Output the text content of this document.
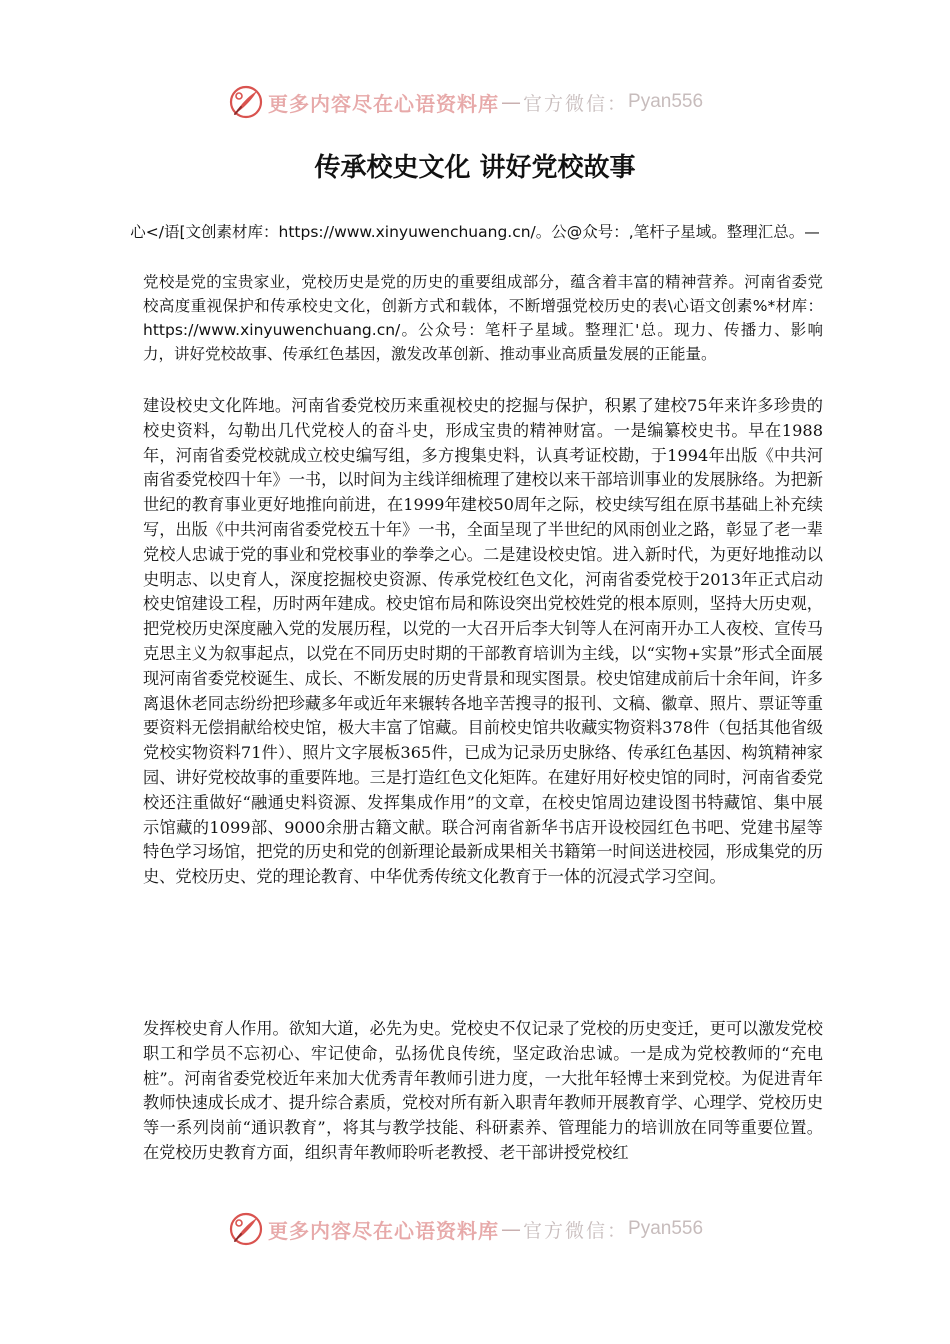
更多内容尽在心语资料库 — 官方微信： Pyan556
传承校史文化 讲好党校故事

心</语[文创素材库：https://www.xinyuwenchuang.cn/。公@众号：,笔杆子星域。整理汇总。—

党校是党的宝贵家业，党校历史是党的历史的重要组成部分，蕴含着丰富的精神营养。河南省委党校高度重视保护和传承校史文化，创新方式和载体，不断增强党校历史的表\心语文创素%*材库：https://www.xinyuwenchuang.cn/。公众号：笔杆子星域。整理汇'总。现力、传播力、影响力，讲好党校故事、传承红色基因，激发改革创新、推动事业高质量发展的正能量。

建设校史文化阵地。河南省委党校历来重视校史的挖掘与保护，积累了建校75年来许多珍贵的校史资料，勾勒出几代党校人的奋斗史，形成宝贵的精神财富。一是编纂校史书。早在1988年，河南省委党校就成立校史编写组，多方搜集史料，认真考证校勘，于1994年出版《中共河南省委党校四十年》一书，以时间为主线详细梳理了建校以来干部培训事业的发展脉络。为把新世纪的教育事业更好地推向前进，在1999年建校50周年之际，校史续写组在原书基础上补充续写，出版《中共河南省委党校五十年》一书，全面呈现了半世纪的风雨创业之路，彰显了老一辈党校人忠诚于党的事业和党校事业的拳拳之心。二是建设校史馆。进入新时代，为更好地推动以史明志、以史育人，深度挖掘校史资源、传承党校红色文化，河南省委党校于2013年正式启动校史馆建设工程，历时两年建成。校史馆布局和陈设突出党校姓党的根本原则，坚持大历史观，把党校历史深度融入党的发展历程，以党的一大召开后李大钊等人在河南开办工人夜校、宣传马克思主义为叙事起点，以党在不同历史时期的干部教育培训为主线，以“实物+实景”形式全面展现河南省委党校诞生、成长、不断发展的历史背景和现实图景。校史馆建成前后十余年间，许多离退休老同志纷纷把珍藏多年或近年来辗转各地辛苦搜寻的报刊、文稿、徽章、照片、票证等重要资料无偿捐献给校史馆，极大丰富了馆藏。目前校史馆共收藏实物资料378件（包括其他省级党校实物资料71件）、照片文字展板365件，已成为记录历史脉络、传承红色基因、构筑精神家园、讲好党校故事的重要阵地。三是打造红色文化矩阵。在建好用好校史馆的同时，河南省委党校还注重做好“融通史料资源、发挥集成作用”的文章，在校史馆周边建设图书特藏馆、集中展示馆藏的1099部、9000余册古籍文献。联合河南省新华书店开设校园红色书吧、党建书屋等特色学习场馆，把党的历史和党的创新理论最新成果相关书籍第一时间送进校园，形成集党的历史、党校历史、党的理论教育、中华优秀传统文化教育于一体的沉浸式学习空间。

发挥校史育人作用。欲知大道，必先为史。党校史不仅记录了党校的历史变迁，更可以激发党校职工和学员不忘初心、牢记使命，弘扬优良传统，坚定政治忠诚。一是成为党校教师的“充电桩”。河南省委党校近年来加大优秀青年教师引进力度，一大批年轻博士来到党校。为促进青年教师快速成长成才、提升综合素质，党校对所有新入职青年教师开展教育学、心理学、党校历史等一系列岗前“通识教育”，将其与教学技能、科研素养、管理能力的培训放在同等重要位置。在党校历史教育方面，组织青年教师聆听老教授、老干部讲授党校红

更多内容尽在心语资料库 — 官方微信： Pyan556
